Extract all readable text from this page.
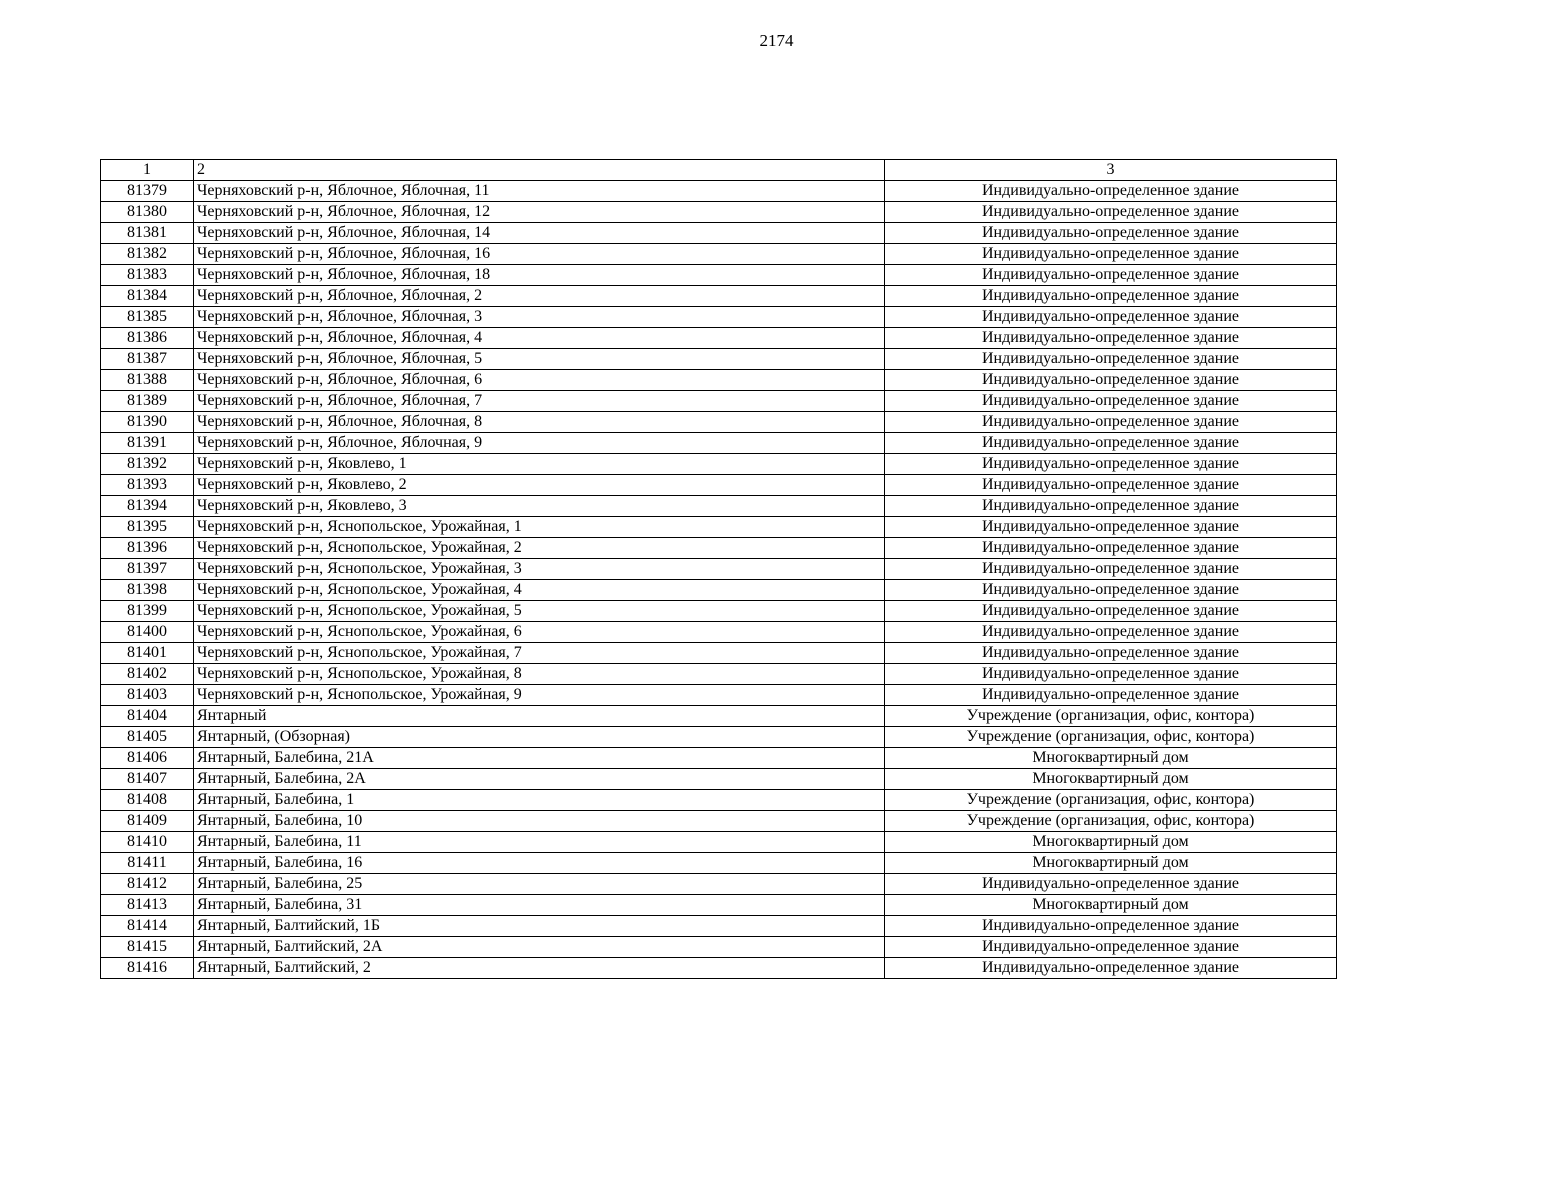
2174
1	2	3
81379	Черняховский р-н, Яблочное, Яблочная, 11	Индивидуально-определенное здание
81380	Черняховский р-н, Яблочное, Яблочная, 12	Индивидуально-определенное здание
81381	Черняховский р-н, Яблочное, Яблочная, 14	Индивидуально-определенное здание
81382	Черняховский р-н, Яблочное, Яблочная, 16	Индивидуально-определенное здание
81383	Черняховский р-н, Яблочное, Яблочная, 18	Индивидуально-определенное здание
81384	Черняховский р-н, Яблочное, Яблочная, 2	Индивидуально-определенное здание
81385	Черняховский р-н, Яблочное, Яблочная, 3	Индивидуально-определенное здание
81386	Черняховский р-н, Яблочное, Яблочная, 4	Индивидуально-определенное здание
81387	Черняховский р-н, Яблочное, Яблочная, 5	Индивидуально-определенное здание
81388	Черняховский р-н, Яблочное, Яблочная, 6	Индивидуально-определенное здание
81389	Черняховский р-н, Яблочное, Яблочная, 7	Индивидуально-определенное здание
81390	Черняховский р-н, Яблочное, Яблочная, 8	Индивидуально-определенное здание
81391	Черняховский р-н, Яблочное, Яблочная, 9	Индивидуально-определенное здание
81392	Черняховский р-н, Яковлево, 1	Индивидуально-определенное здание
81393	Черняховский р-н, Яковлево, 2	Индивидуально-определенное здание
81394	Черняховский р-н, Яковлево, 3	Индивидуально-определенное здание
81395	Черняховский р-н, Яснопольское, Урожайная, 1	Индивидуально-определенное здание
81396	Черняховский р-н, Яснопольское, Урожайная, 2	Индивидуально-определенное здание
81397	Черняховский р-н, Яснопольское, Урожайная, 3	Индивидуально-определенное здание
81398	Черняховский р-н, Яснопольское, Урожайная, 4	Индивидуально-определенное здание
81399	Черняховский р-н, Яснопольское, Урожайная, 5	Индивидуально-определенное здание
81400	Черняховский р-н, Яснопольское, Урожайная, 6	Индивидуально-определенное здание
81401	Черняховский р-н, Яснопольское, Урожайная, 7	Индивидуально-определенное здание
81402	Черняховский р-н, Яснопольское, Урожайная, 8	Индивидуально-определенное здание
81403	Черняховский р-н, Яснопольское, Урожайная, 9	Индивидуально-определенное здание
81404	Янтарный	Учреждение (организация, офис, контора)
81405	Янтарный, (Обзорная)	Учреждение (организация, офис, контора)
81406	Янтарный, Балебина, 21А	Многоквартирный дом
81407	Янтарный, Балебина, 2А	Многоквартирный дом
81408	Янтарный, Балебина, 1	Учреждение (организация, офис, контора)
81409	Янтарный, Балебина, 10	Учреждение (организация, офис, контора)
81410	Янтарный, Балебина, 11	Многоквартирный дом
81411	Янтарный, Балебина, 16	Многоквартирный дом
81412	Янтарный, Балебина, 25	Индивидуально-определенное здание
81413	Янтарный, Балебина, 31	Многоквартирный дом
81414	Янтарный, Балтийский, 1Б	Индивидуально-определенное здание
81415	Янтарный, Балтийский, 2А	Индивидуально-определенное здание
81416	Янтарный, Балтийский, 2	Индивидуально-определенное здание
